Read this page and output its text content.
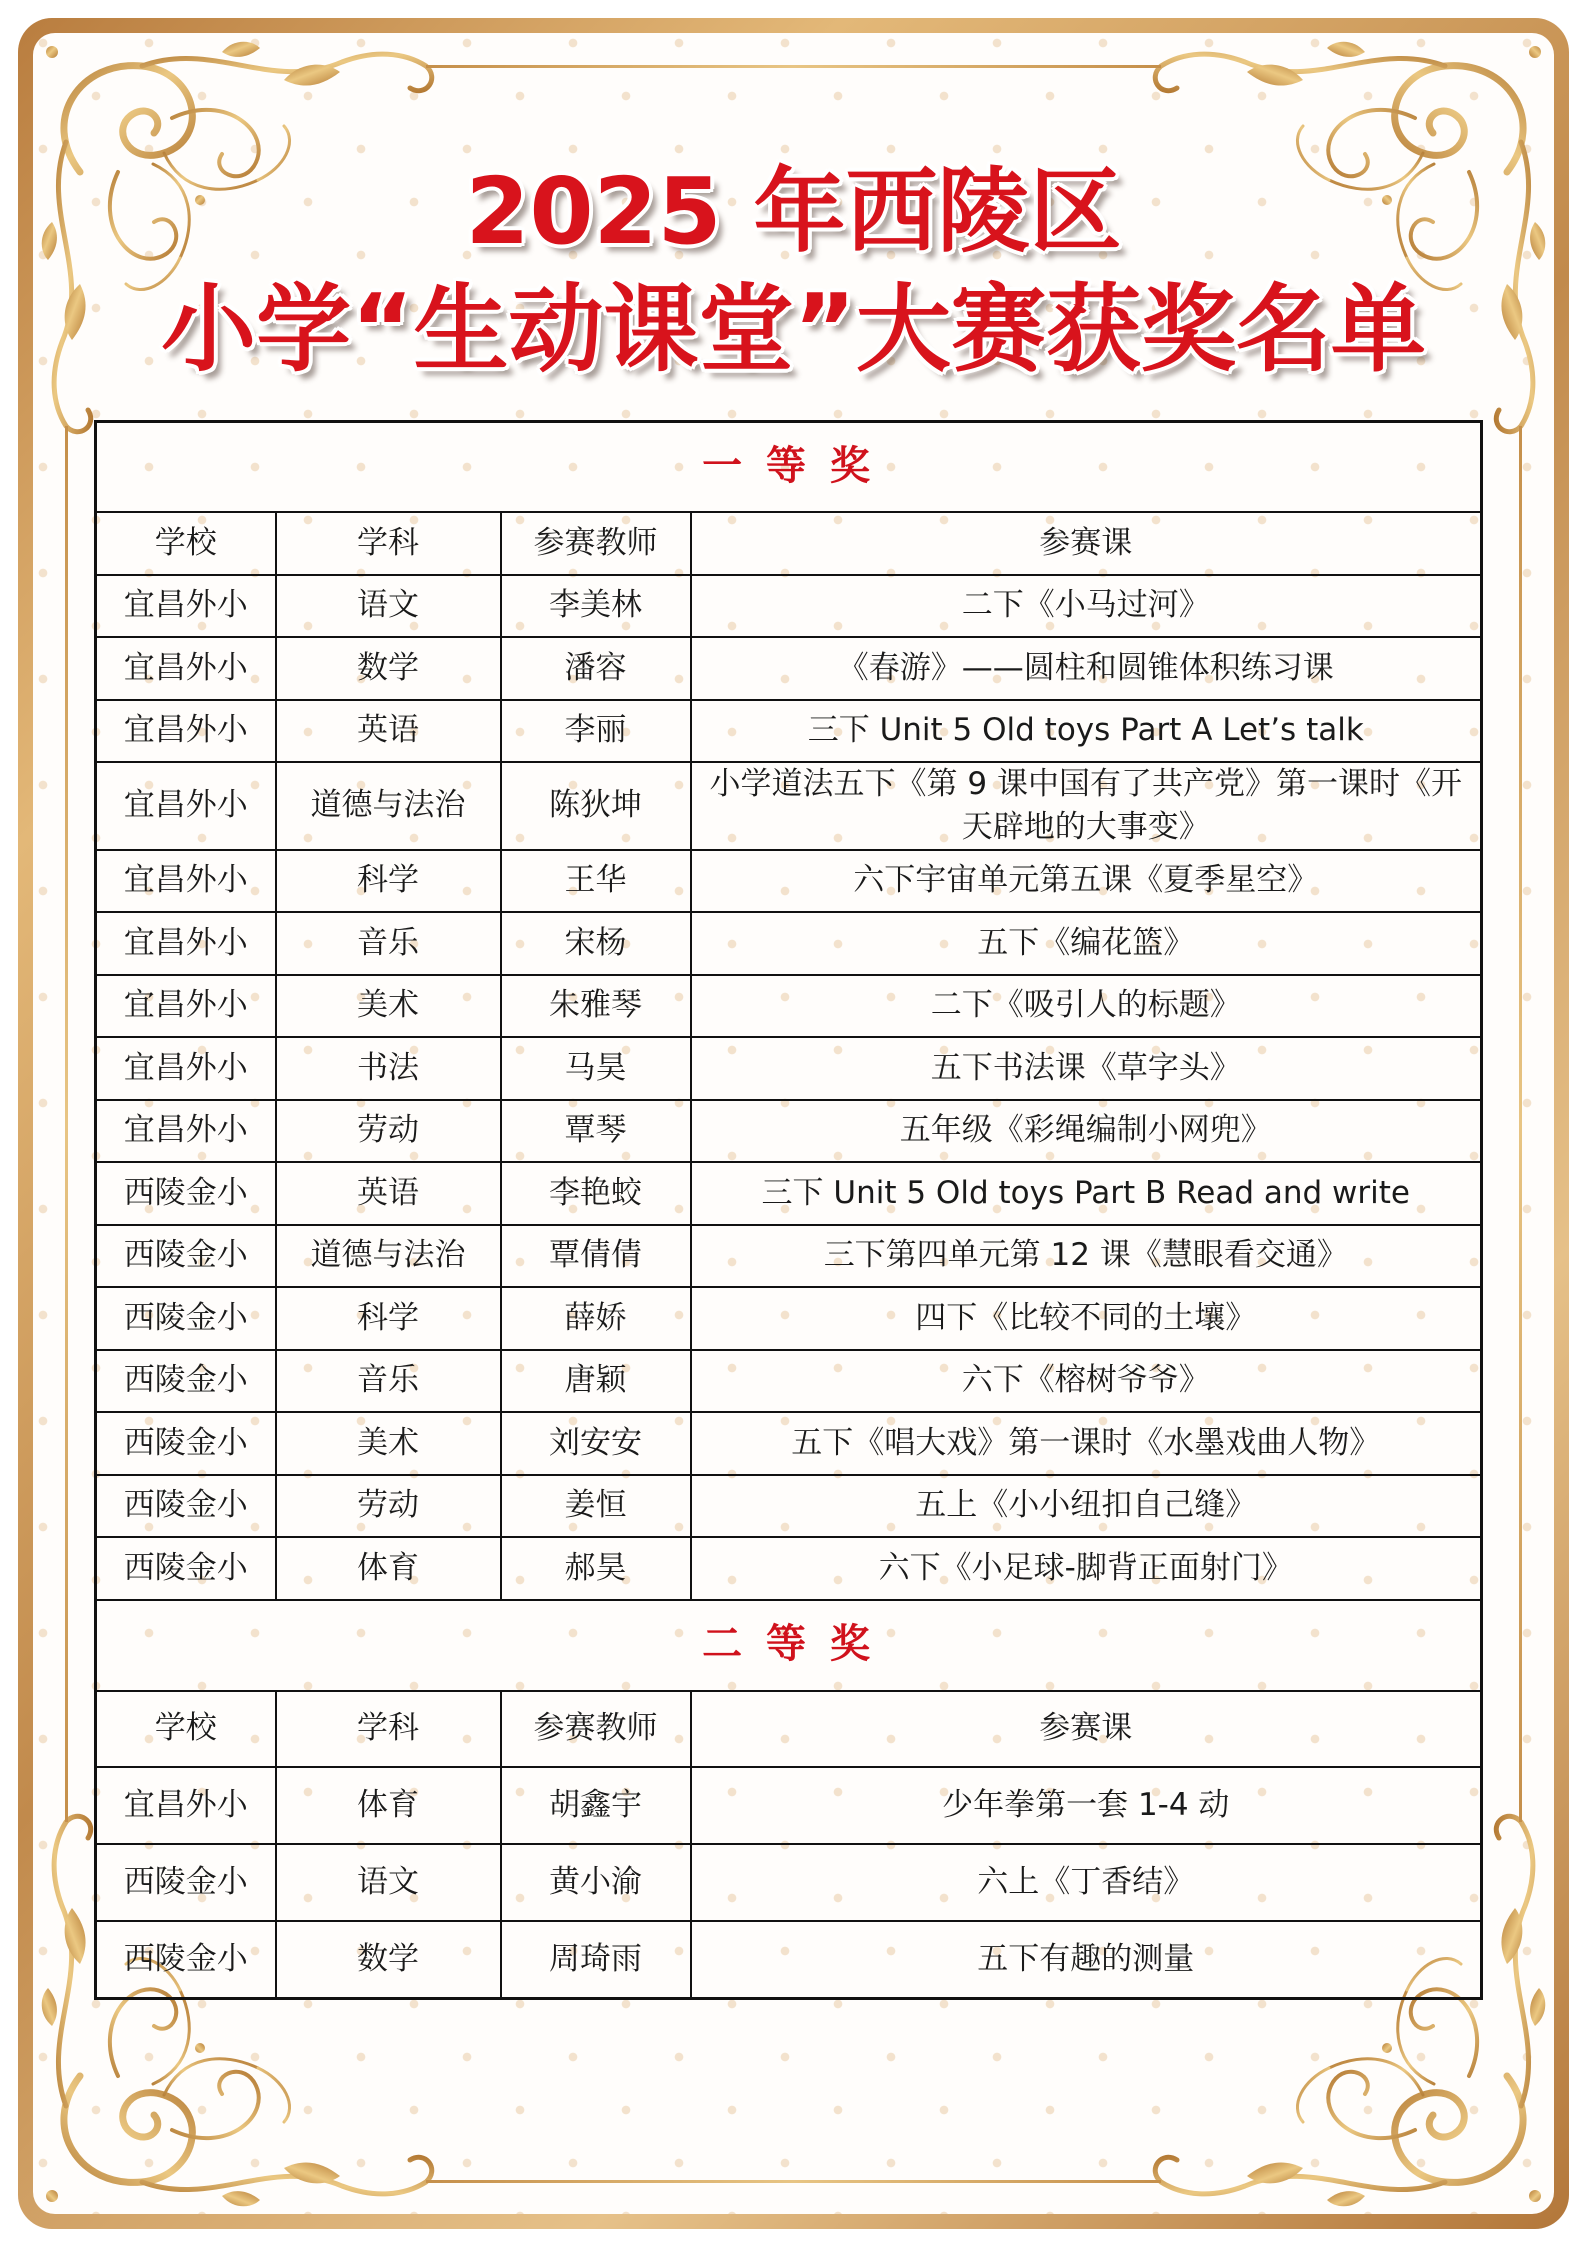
2025 年西陵区
小学“生动课堂”大赛获奖名单
一 等 奖			
学校	学科	参赛教师	参赛课
宜昌外小	语文	李美林	二下《小马过河》
宜昌外小	数学	潘容	《春游》——圆柱和圆锥体积练习课
宜昌外小	英语	李丽	三下 Unit 5 Old toys Part A Let’s talk
宜昌外小	道德与法治	陈狄坤	小学道法五下《第 9 课中国有了共产党》第一课时《开天辟地的大事变》
宜昌外小	科学	王华	六下宇宙单元第五课《夏季星空》
宜昌外小	音乐	宋杨	五下《编花篮》
宜昌外小	美术	朱雅琴	二下《吸引人的标题》
宜昌外小	书法	马昊	五下书法课《草字头》
宜昌外小	劳动	覃琴	五年级《彩绳编制小网兜》
西陵金小	英语	李艳蛟	三下 Unit 5 Old toys Part B Read and write
西陵金小	道德与法治	覃倩倩	三下第四单元第 12 课《慧眼看交通》
西陵金小	科学	薛娇	四下《比较不同的土壤》
西陵金小	音乐	唐颖	六下《榕树爷爷》
西陵金小	美术	刘安安	五下《唱大戏》第一课时《水墨戏曲人物》
西陵金小	劳动	姜恒	五上《小小纽扣自己缝》
西陵金小	体育	郝昊	六下《小足球-脚背正面射门》
二 等 奖			
学校	学科	参赛教师	参赛课
宜昌外小	体育	胡鑫宇	少年拳第一套 1-4 动
西陵金小	语文	黄小渝	六上《丁香结》
西陵金小	数学	周琦雨	五下有趣的测量
